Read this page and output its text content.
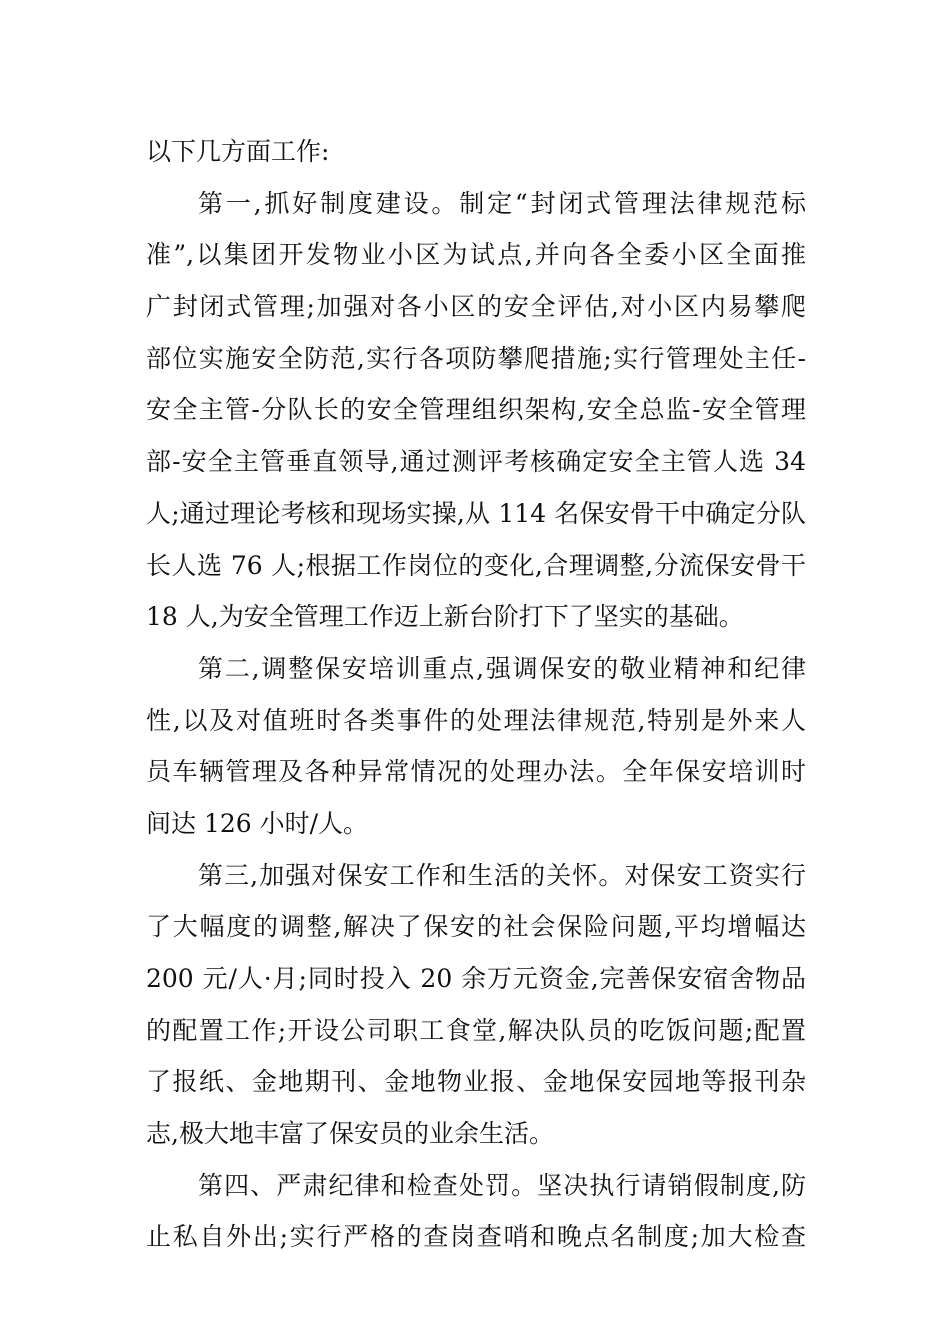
以下几方面工作:
第一,抓好制度建设。制定“封闭式管理法律规范标
准”,以集团开发物业小区为试点,并向各全委小区全面推
广封闭式管理;加强对各小区的安全评估,对小区内易攀爬
部位实施安全防范,实行各项防攀爬措施;实行管理处主任-
安全主管-分队长的安全管理组织架构,安全总监-安全管理
部-安全主管垂直领导,通过测评考核确定安全主管人选 34
人;通过理论考核和现场实操,从 114 名保安骨干中确定分队
长人选 76 人;根据工作岗位的变化,合理调整,分流保安骨干
18 人,为安全管理工作迈上新台阶打下了坚实的基础。
第二,调整保安培训重点,强调保安的敬业精神和纪律
性,以及对值班时各类事件的处理法律规范,特别是外来人
员车辆管理及各种异常情况的处理办法。全年保安培训时
间达 126 小时/人。
第三,加强对保安工作和生活的关怀。对保安工资实行
了大幅度的调整,解决了保安的社会保险问题,平均增幅达
200 元/人·月;同时投入 20 余万元资金,完善保安宿舍物品
的配置工作;开设公司职工食堂,解决队员的吃饭问题;配置
了报纸、金地期刊、金地物业报、金地保安园地等报刊杂
志,极大地丰富了保安员的业余生活。
第四、严肃纪律和检查处罚。坚决执行请销假制度,防
止私自外出;实行严格的查岗查哨和晚点名制度;加大检查
